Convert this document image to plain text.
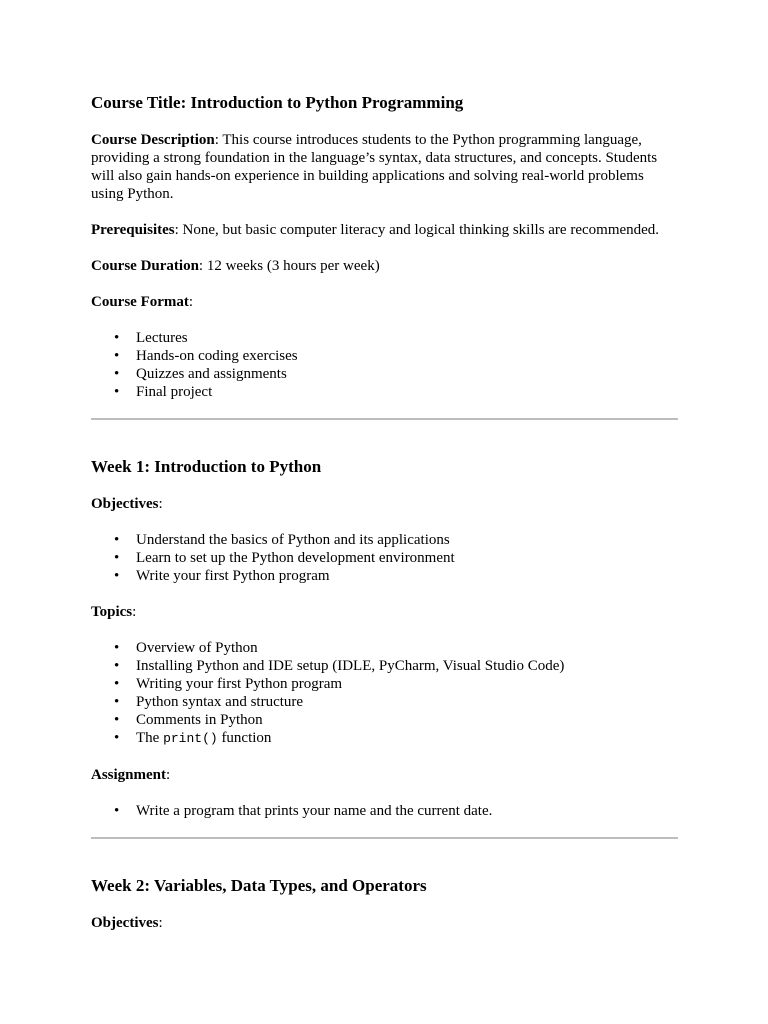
Course Title: Introduction to Python Programming

Course Description: This course introduces students to the Python programming language, providing a strong foundation in the language’s syntax, data structures, and concepts. Students will also gain hands-on experience in building applications and solving real-world problems using Python.

Prerequisites: None, but basic computer literacy and logical thinking skills are recommended.

Course Duration: 12 weeks (3 hours per week)

Course Format:

• Lectures
• Hands-on coding exercises
• Quizzes and assignments
• Final project
Week 1: Introduction to Python

Objectives:

• Understand the basics of Python and its applications
• Learn to set up the Python development environment
• Write your first Python program

Topics:

• Overview of Python
• Installing Python and IDE setup (IDLE, PyCharm, Visual Studio Code)
• Writing your first Python program
• Python syntax and structure
• Comments in Python
• The print() function

Assignment:

• Write a program that prints your name and the current date.
Week 2: Variables, Data Types, and Operators

Objectives:
